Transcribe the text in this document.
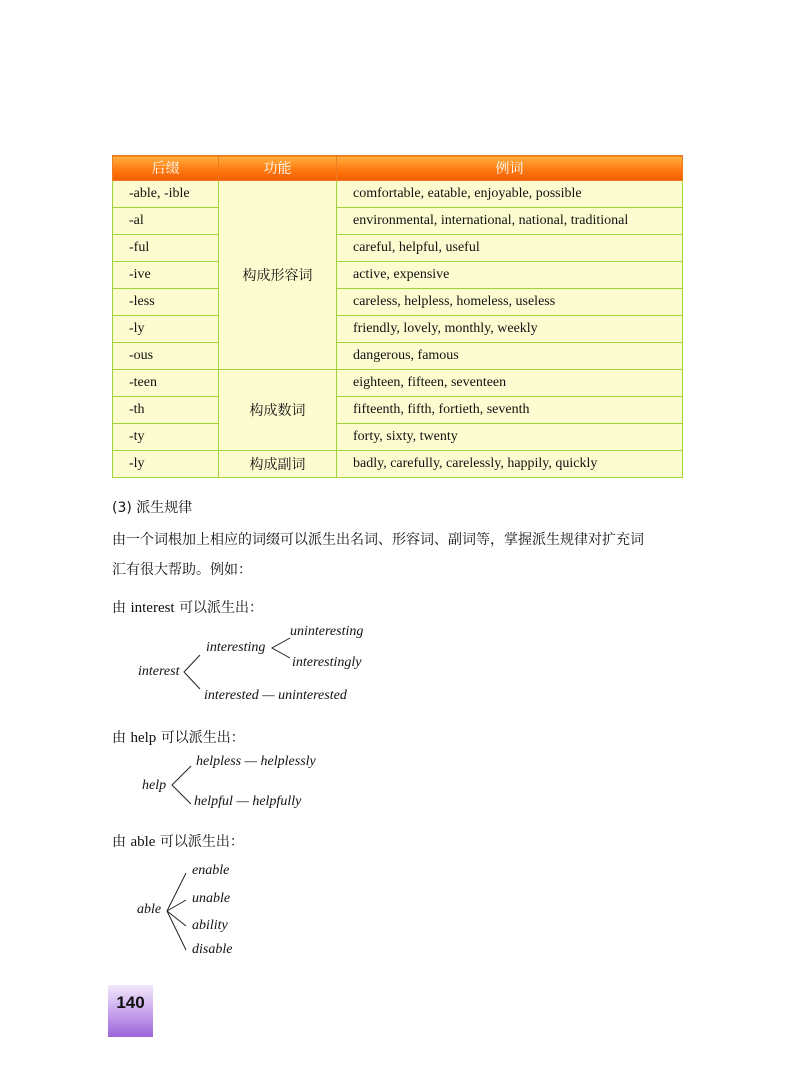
后缀	功能	例词
-able, -ible	构成形容词	comfortable, eatable, enjoyable, possible
-al		environmental, international, national, traditional
-ful		careful, helpful, useful
-ive		active, expensive
-less		careless, helpless, homeless, useless
-ly		friendly, lovely, monthly, weekly
-ous		dangerous, famous
-teen	构成数词	eighteen, fifteen, seventeen
-th		fifteenth, fifth, fortieth, seventh
-ty		forty, sixty, twenty
-ly	构成副词	badly, carefully, carelessly, happily, quickly
(3) 派生规律
由一个词根加上相应的词缀可以派生出名词、形容词、副词等，掌握派生规律对扩充词
汇有很大帮助。例如：
由 interest 可以派生出：
interest
interesting
uninteresting
interestingly
interested — uninterested
由 help 可以派生出：
help
helpless — helplessly
helpful — helpfully
由 able 可以派生出：
able
enable
unable
ability
disable
140
